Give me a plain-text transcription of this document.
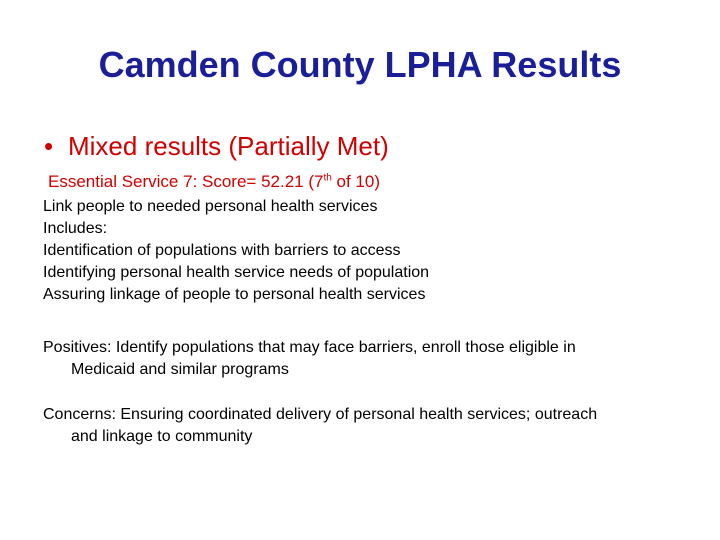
Camden County LPHA Results
• Mixed results (Partially Met)
Essential Service 7: Score= 52.21 (7th of 10)
Link people to needed personal health services
Includes:
Identification of populations with barriers to access
Identifying personal health service needs of population
Assuring linkage of people to personal health services
Positives: Identify populations that may face barriers, enroll those eligible in
Medicaid and similar programs
Concerns: Ensuring coordinated delivery of personal health services; outreach
and linkage to community
